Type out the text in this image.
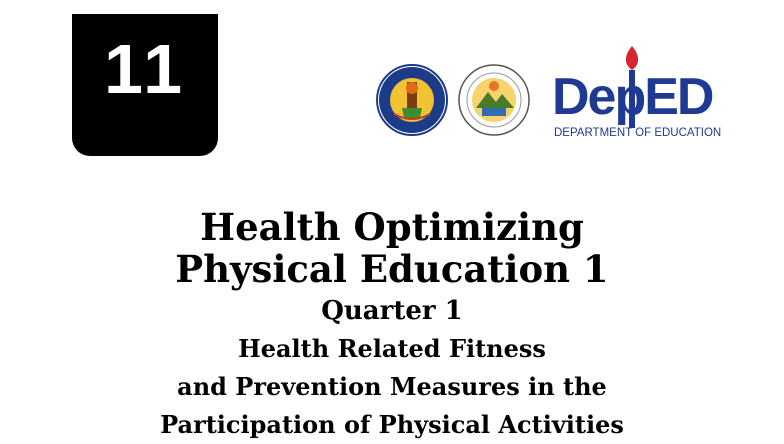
11	DepED
DEPARTMENT OF EDUCATION
Health Optimizing
Physical Education 1
Quarter 1
Health Related Fitness
and Prevention Measures in the
Participation of Physical Activities
